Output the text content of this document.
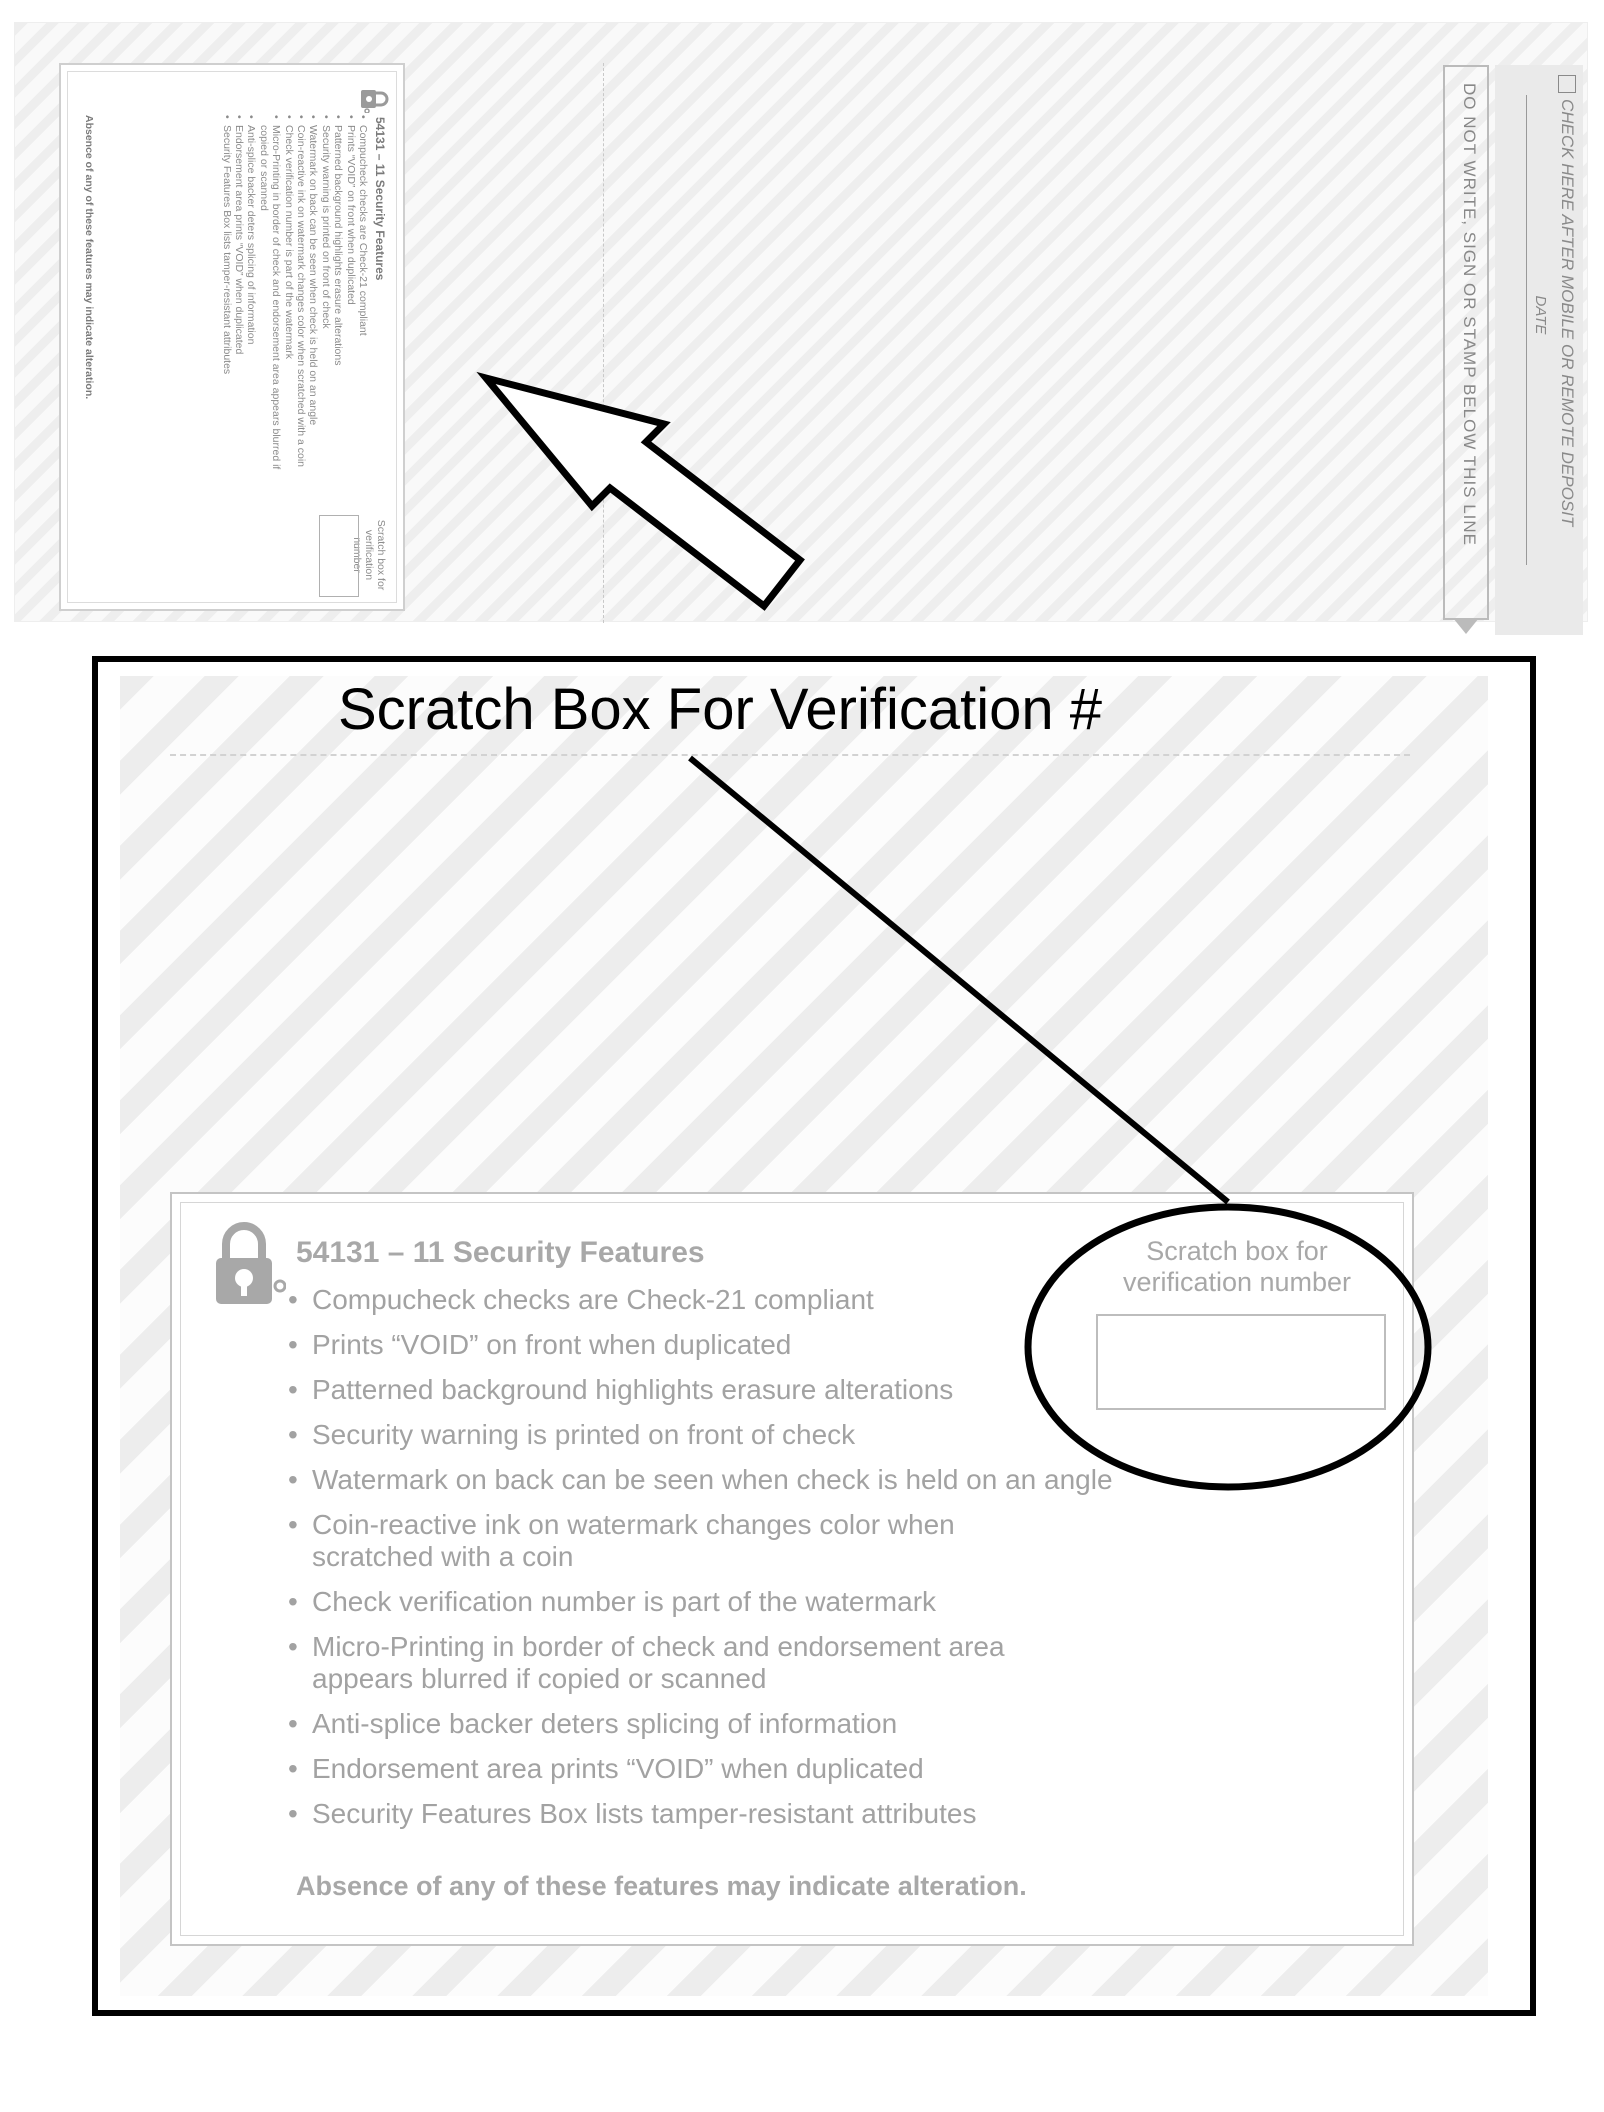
54131 – 11 Security Features
• Compucheck checks are Check-21 compliant
• Prints “VOID” on front when duplicated
• Patterned background highlights erasure alterations
• Security warning is printed on front of check
• Watermark on back can be seen when check is held on an angle
• Coin-reactive ink on watermark changes color when scratched with a coin
• Check verification number is part of the watermark
• Micro-Printing in border of check and endorsement area appears blurred if copied or scanned
• Anti-splice backer deters splicing of information
• Endorsement area prints “VOID” when duplicated
• Security Features Box lists tamper-resistant attributes
Absence of any of these features may indicate alteration.
Scratch box for verification number
CHECK HERE AFTER MOBILE OR REMOTE DEPOSIT
DATE
DO NOT WRITE, SIGN OR STAMP BELOW THIS LINE
Scratch Box For Verification #
54131 – 11 Security Features
• Compucheck checks are Check-21 compliant
• Prints “VOID” on front when duplicated
• Patterned background highlights erasure alterations
• Security warning is printed on front of check
• Watermark on back can be seen when check is held on an angle
• Coin-reactive ink on watermark changes color when
scratched with a coin
• Check verification number is part of the watermark
• Micro-Printing in border of check and endorsement area
appears blurred if copied or scanned
• Anti-splice backer deters splicing of information
• Endorsement area prints “VOID” when duplicated
• Security Features Box lists tamper-resistant attributes
Absence of any of these features may indicate alteration.
Scratch box for verification number
